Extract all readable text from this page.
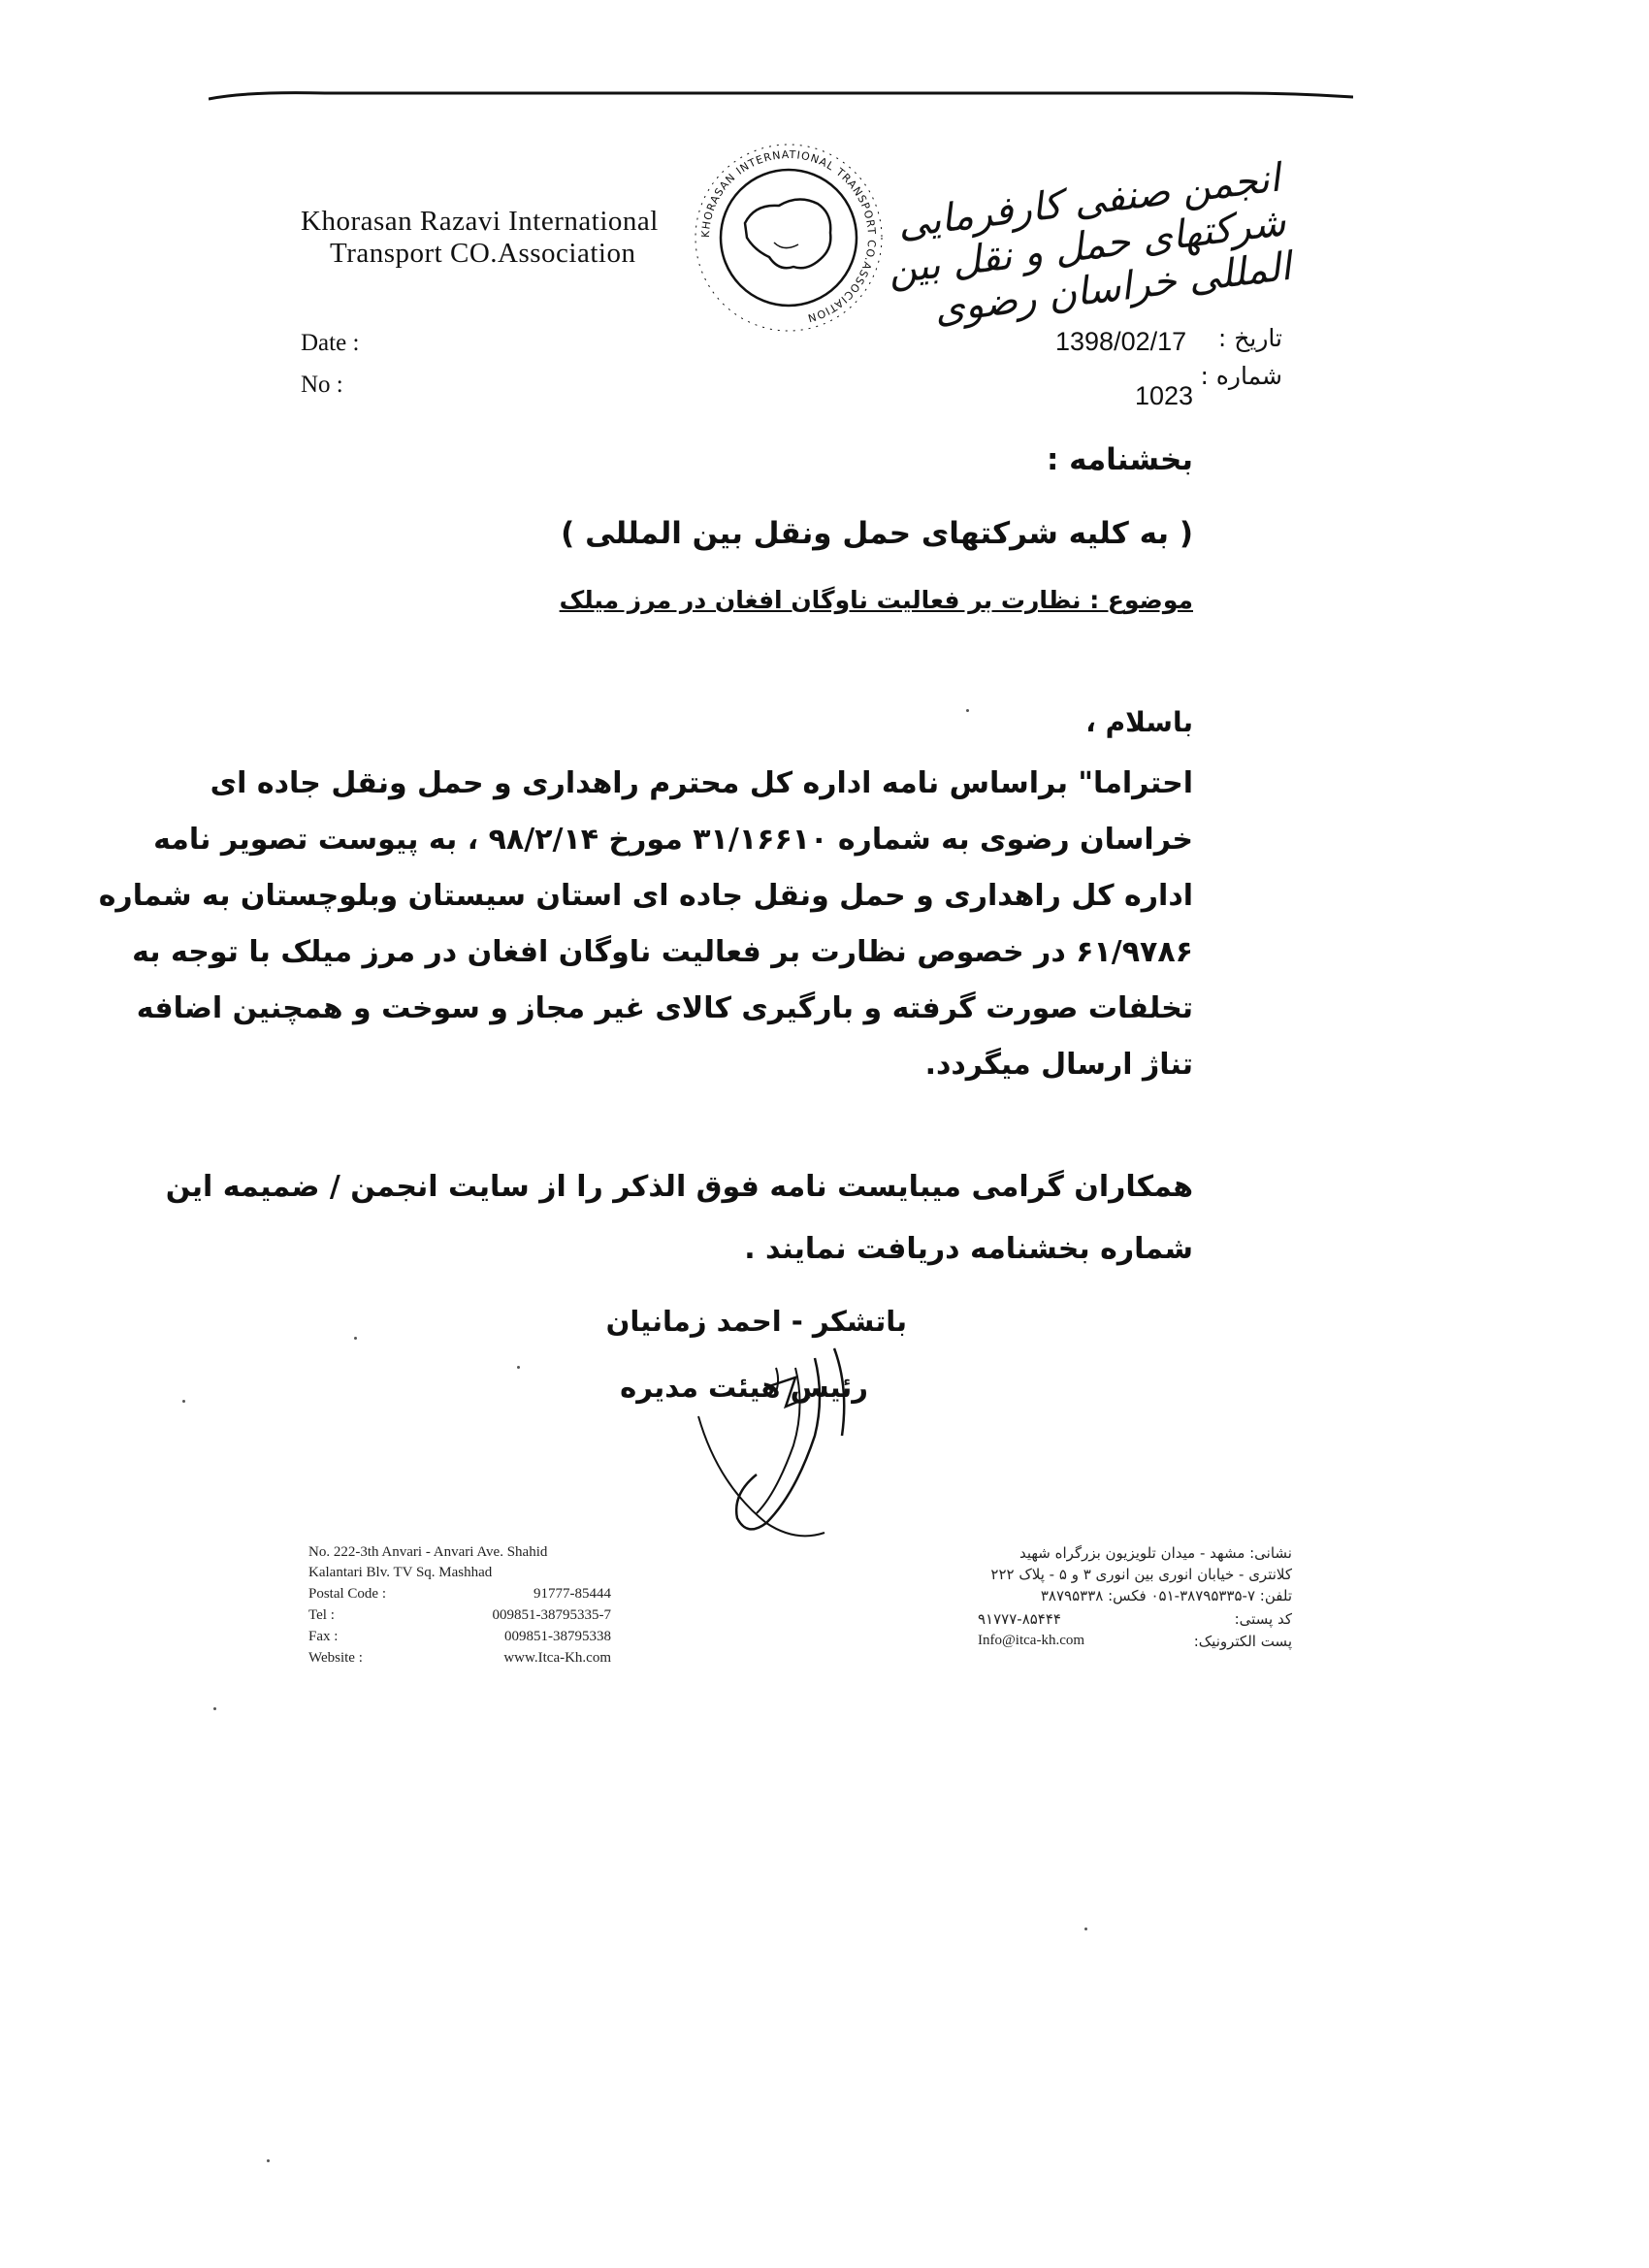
Khorasan Razavi International
Transport CO.Association
KHORASAN INTERNATIONAL TRANSPORT CO.ASSOCIATION
انجمن صنفی کارفرمایی شرکتهای حمل و نقل بین المللی خراسان رضوی
Date :
No :
1398/02/17 تاریخ :
1023
شماره :
بخشنامه :
( به کلیه شرکتهای حمل ونقل بین المللی )
موضوع : نظارت بر فعالیت ناوگان افغان در مرز میلک
باسلام ،
احتراما" براساس نامه اداره کل محترم راهداری و حمل ونقل جاده ای
خراسان رضوی به شماره ۳۱/۱۶۶۱۰ مورخ ۹۸/۲/۱۴ ، به پیوست تصویر نامه
اداره کل راهداری و حمل ونقل جاده ای استان سیستان وبلوچستان به شماره
۶۱/۹۷۸۶ در خصوص نظارت بر فعالیت ناوگان افغان در مرز میلک با توجه به
تخلفات صورت گرفته و بارگیری کالای غیر مجاز و سوخت و همچنین اضافه
تناژ ارسال میگردد.
همکاران گرامی میبایست نامه فوق الذکر را از سایت انجمن / ضمیمه این
شماره بخشنامه دریافت نمایند .
باتشکر - احمد زمانیان
رئیس هیئت مدیره
No. 222-3th Anvari - Anvari Ave. Shahid
Kalantari Blv. TV Sq. Mashhad
Postal Code :	91777-85444
Tel :	009851-38795335-7
Fax :	009851-38795338
Website :	www.Itca-Kh.com
نشانی: مشهد - میدان تلویزیون بزرگراه شهید
کلانتری - خیابان انوری بین انوری ۳ و ۵ - پلاک ۲۲۲
تلفن: ۷-۳۸۷۹۵۳۳۵-۰۵۱ فکس: ۳۸۷۹۵۳۳۸
کد پستی:
۹۱۷۷۷-۸۵۴۴۴
پست الکترونیک:
Info@itca-kh.com
